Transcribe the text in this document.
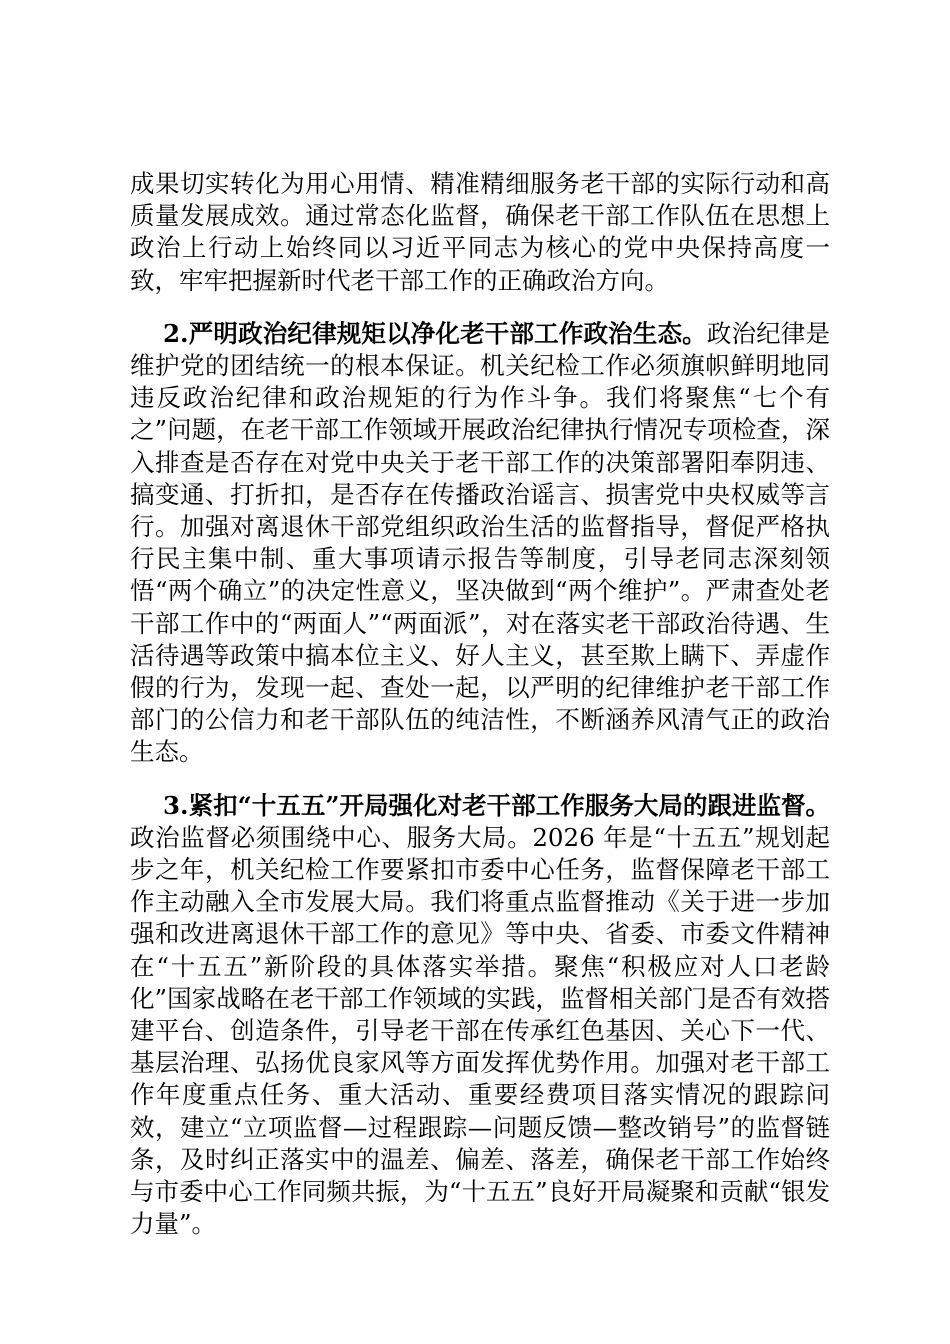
成果切实转化为用心用情、精准精细服务老干部的实际行动和高质量发展成效。通过常态化监督，确保老干部工作队伍在思想上政治上行动上始终同以习近平同志为核心的党中央保持高度一致，牢牢把握新时代老干部工作的正确政治方向。

2.严明政治纪律规矩以净化老干部工作政治生态。政治纪律是维护党的团结统一的根本保证。机关纪检工作必须旗帜鲜明地同违反政治纪律和政治规矩的行为作斗争。我们将聚焦“七个有之”问题，在老干部工作领域开展政治纪律执行情况专项检查，深入排查是否存在对党中央关于老干部工作的决策部署阳奉阴违、搞变通、打折扣，是否存在传播政治谣言、损害党中央权威等言行。加强对离退休干部党组织政治生活的监督指导，督促严格执行民主集中制、重大事项请示报告等制度，引导老同志深刻领悟“两个确立”的决定性意义，坚决做到“两个维护”。严肃查处老干部工作中的“两面人”“两面派”，对在落实老干部政治待遇、生活待遇等政策中搞本位主义、好人主义，甚至欺上瞒下、弄虚作假的行为，发现一起、查处一起，以严明的纪律维护老干部工作部门的公信力和老干部队伍的纯洁性，不断涵养风清气正的政治生态。

3.紧扣“十五五”开局强化对老干部工作服务大局的跟进监督。政治监督必须围绕中心、服务大局。2026 年是“十五五”规划起步之年，机关纪检工作要紧扣市委中心任务，监督保障老干部工作主动融入全市发展大局。我们将重点监督推动《关于进一步加强和改进离退休干部工作的意见》等中央、省委、市委文件精神在“十五五”新阶段的具体落实举措。聚焦“积极应对人口老龄化”国家战略在老干部工作领域的实践，监督相关部门是否有效搭建平台、创造条件，引导老干部在传承红色基因、关心下一代、基层治理、弘扬优良家风等方面发挥优势作用。加强对老干部工作年度重点任务、重大活动、重要经费项目落实情况的跟踪问效，建立“立项监督—过程跟踪—问题反馈—整改销号”的监督链条，及时纠正落实中的温差、偏差、落差，确保老干部工作始终与市委中心工作同频共振，为“十五五”良好开局凝聚和贡献“银发力量”。
